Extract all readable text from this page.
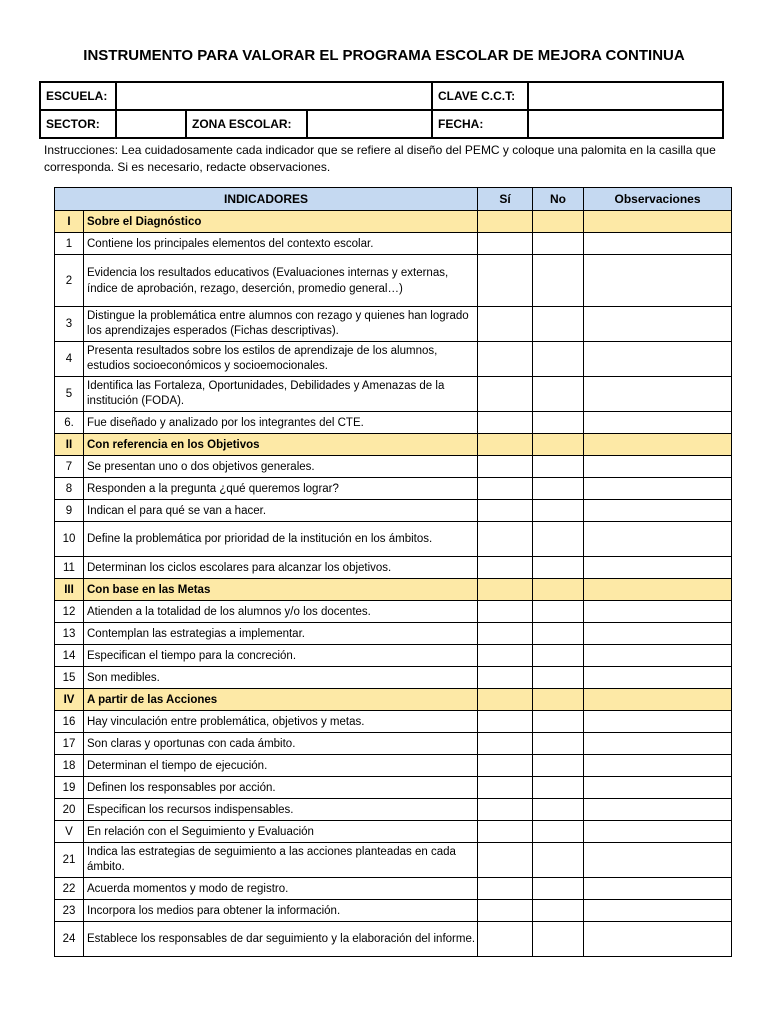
INSTRUMENTO PARA VALORAR EL PROGRAMA ESCOLAR DE MEJORA CONTINUA
ESCUELA:				CLAVE C.C.T:	
SECTOR:		ZONA ESCOLAR:		FECHA:	
Instrucciones: Lea cuidadosamente cada indicador que se refiere al diseño del PEMC y coloque una palomita en la casilla que corresponda. Si es necesario, redacte observaciones.
INDICADORES		Sí	No	Observaciones
I	Sobre el Diagnóstico			
1	Contiene los principales elementos del contexto escolar.			
2	Evidencia los resultados educativos (Evaluaciones internas y externas, índice de aprobación, rezago, deserción, promedio general…)			
3	Distingue la problemática entre alumnos con rezago y quienes han logrado los aprendizajes esperados (Fichas descriptivas).			
4	Presenta resultados sobre los estilos de aprendizaje de los alumnos, estudios socioeconómicos y socioemocionales.			
5	Identifica las Fortaleza, Oportunidades, Debilidades y Amenazas de la institución (FODA).			
6.	Fue diseñado y analizado por los integrantes del CTE.			
II	Con referencia en los Objetivos			
7	Se presentan uno o dos objetivos generales.			
8	Responden a la pregunta ¿qué queremos lograr?			
9	Indican el para qué se van a hacer.			
10	Define la problemática por prioridad de la institución en los ámbitos.			
11	Determinan los ciclos escolares para alcanzar los objetivos.			
III	Con base en las Metas			
12	Atienden a la totalidad de los alumnos y/o los docentes.			
13	Contemplan las estrategias a implementar.			
14	Especifican el tiempo para la concreción.			
15	Son medibles.			
IV	A partir de las Acciones			
16	Hay vinculación entre problemática, objetivos y metas.			
17	Son claras y oportunas con cada ámbito.			
18	Determinan el tiempo de ejecución.			
19	Definen los responsables por acción.			
20	Especifican los recursos indispensables.			
V	En relación con el Seguimiento y Evaluación			
21	Indica las estrategias de seguimiento a las acciones planteadas en cada ámbito.			
22	Acuerda momentos y modo de registro.			
23	Incorpora los medios para obtener la información.			
24	Establece los responsables de dar seguimiento y la elaboración del informe.			
